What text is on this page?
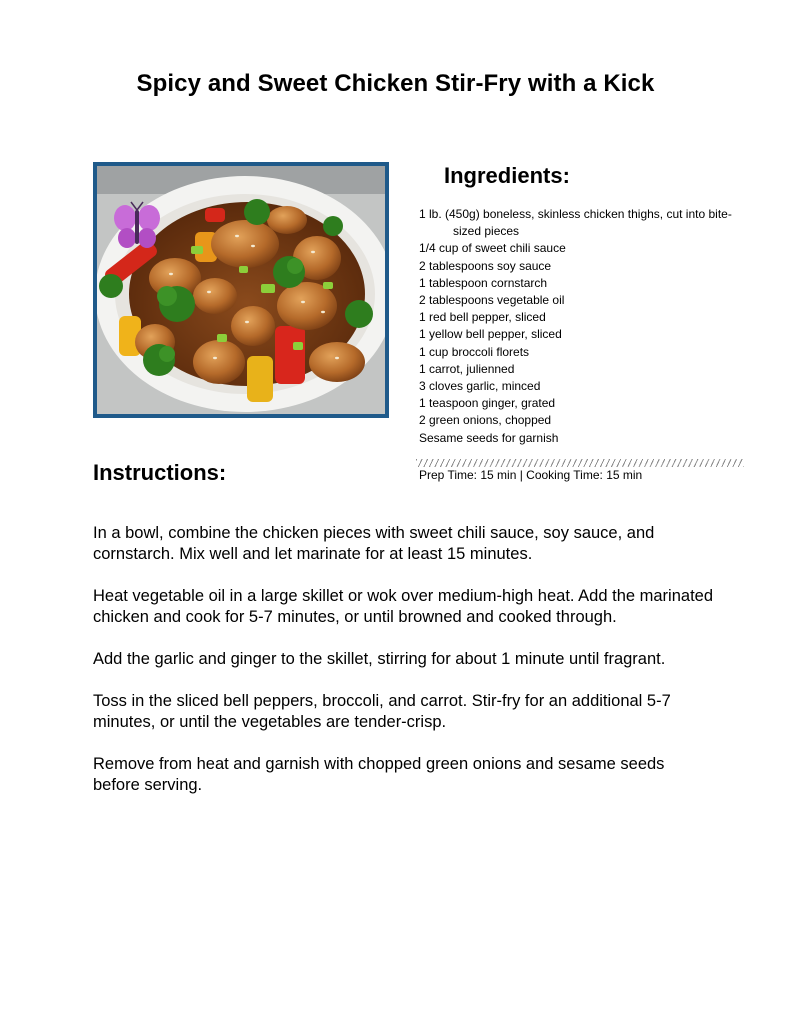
Spicy and Sweet Chicken Stir-Fry with a Kick
Ingredients:
1 lb. (450g) boneless, skinless chicken thighs, cut into bite-sized pieces
1/4 cup of sweet chili sauce
2 tablespoons soy sauce
1 tablespoon cornstarch
2 tablespoons vegetable oil
1 red bell pepper, sliced
1 yellow bell pepper, sliced
1 cup broccoli florets
1 carrot, julienned
3 cloves garlic, minced
1 teaspoon ginger, grated
2 green onions, chopped
Sesame seeds for garnish
Prep Time: 15 min | Cooking Time: 15 min
Instructions:

In a bowl, combine the chicken pieces with sweet chili sauce, soy sauce, and cornstarch. Mix well and let marinate for at least 15 minutes.

Heat vegetable oil in a large skillet or wok over medium-high heat. Add the marinated chicken and cook for 5-7 minutes, or until browned and cooked through.

Add the garlic and ginger to the skillet, stirring for about 1 minute until fragrant.

Toss in the sliced bell peppers, broccoli, and carrot. Stir-fry for an additional 5-7 minutes, or until the vegetables are tender-crisp.

Remove from heat and garnish with chopped green onions and sesame seeds before serving.
